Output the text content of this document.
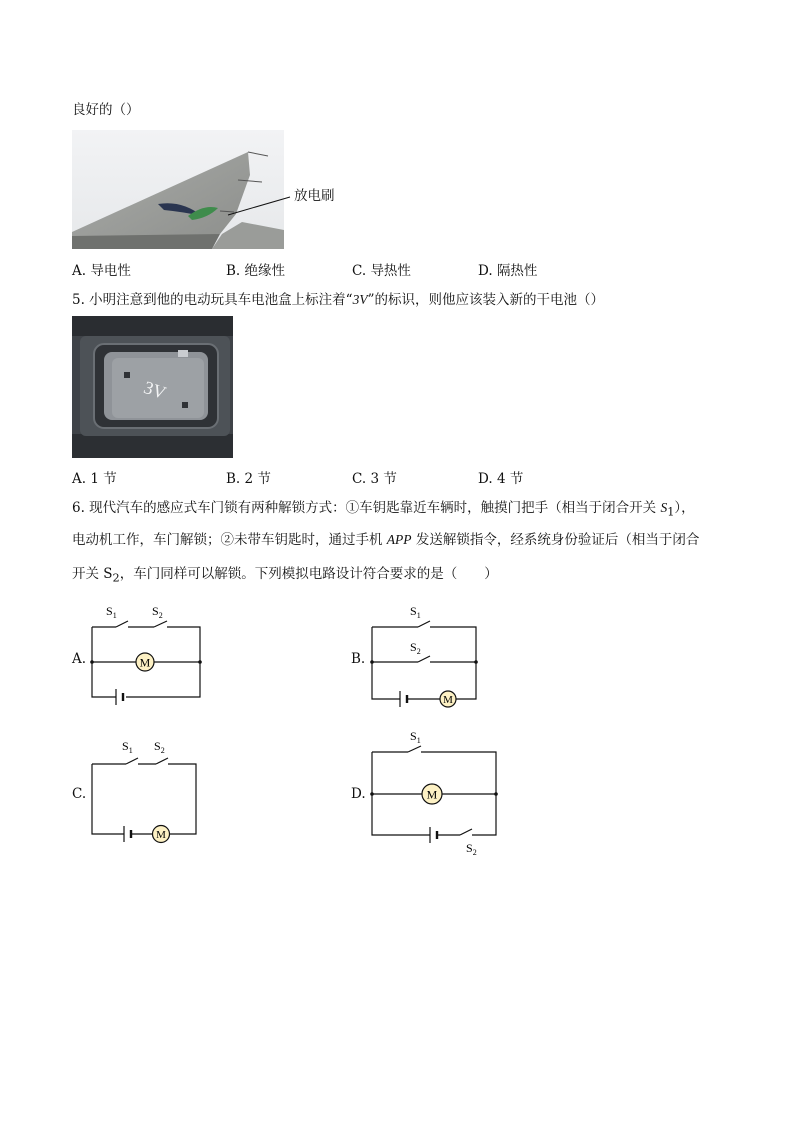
良好的（）
放电刷
A. 导电性	B. 绝缘性	C. 导热性	D. 隔热性
5. 小明注意到他的电动玩具车电池盒上标注着“3V”的标识，则他应该装入新的干电池（）
3V
A. 1 节	B. 2 节	C. 3 节	D. 4 节
6. 现代汽车的感应式车门锁有两种解锁方式：①车钥匙靠近车辆时，触摸门把手（相当于闭合开关 $S_1$），
电动机工作，车门解锁；②未带车钥匙时，通过手机 APP 发送解锁指令，经系统身份验证后（相当于闭合
开关 $S_2$，车门同样可以解锁。下列模拟电路设计符合要求的是（　　）
A.	M
$S_1$	$S_2$
B.
M
$S_1$
$S_2$
C.
M
$S_1$ $S_2$
D.	M
$S_1$
$S_2$
